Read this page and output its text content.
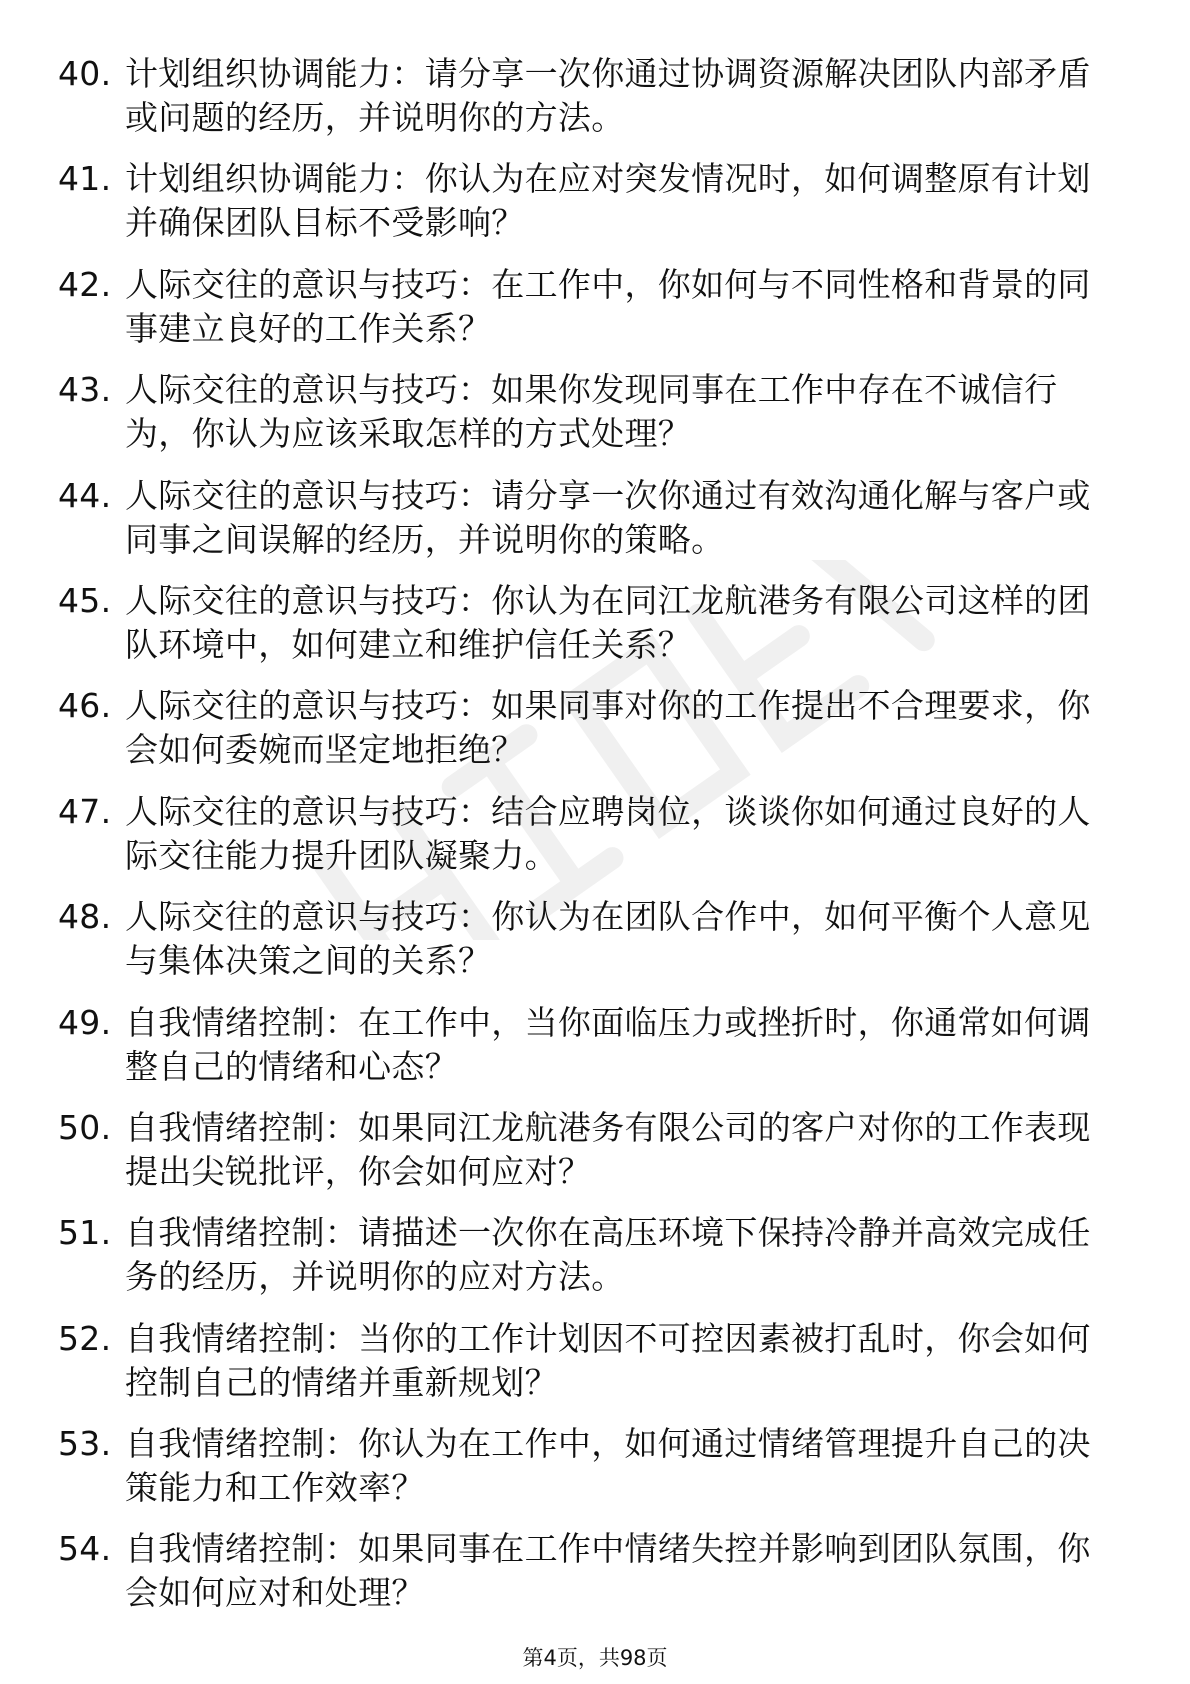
40. 计划组织协调能力：请分享一次你通过协调资源解决团队内部矛盾或问题的经历，并说明你的方法。
41. 计划组织协调能力：你认为在应对突发情况时，如何调整原有计划并确保团队目标不受影响？
42. 人际交往的意识与技巧：在工作中，你如何与不同性格和背景的同事建立良好的工作关系？
43. 人际交往的意识与技巧：如果你发现同事在工作中存在不诚信行为，你认为应该采取怎样的方式处理？
44. 人际交往的意识与技巧：请分享一次你通过有效沟通化解与客户或同事之间误解的经历，并说明你的策略。
45. 人际交往的意识与技巧：你认为在同江龙航港务有限公司这样的团队环境中，如何建立和维护信任关系？
46. 人际交往的意识与技巧：如果同事对你的工作提出不合理要求，你会如何委婉而坚定地拒绝？
47. 人际交往的意识与技巧：结合应聘岗位，谈谈你如何通过良好的人际交往能力提升团队凝聚力。
48. 人际交往的意识与技巧：你认为在团队合作中，如何平衡个人意见与集体决策之间的关系？
49. 自我情绪控制：在工作中，当你面临压力或挫折时，你通常如何调整自己的情绪和心态？
50. 自我情绪控制：如果同江龙航港务有限公司的客户对你的工作表现提出尖锐批评，你会如何应对？
51. 自我情绪控制：请描述一次你在高压环境下保持冷静并高效完成任务的经历，并说明你的应对方法。
52. 自我情绪控制：当你的工作计划因不可控因素被打乱时，你会如何控制自己的情绪并重新规划？
53. 自我情绪控制：你认为在工作中，如何通过情绪管理提升自己的决策能力和工作效率？
54. 自我情绪控制：如果同事在工作中情绪失控并影响到团队氛围，你会如何应对和处理？
第4页，共98页
